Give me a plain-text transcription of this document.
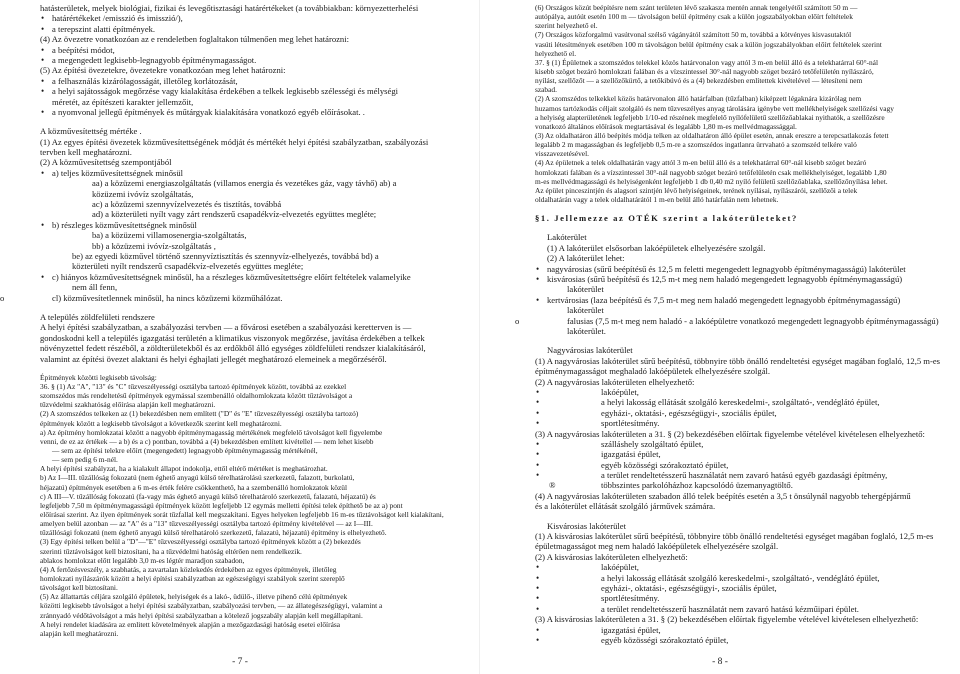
hatásterületek, melyek biológiai, fizikai és levegőtisztasági határértékeket (a továbbiakban: környezetterhelési
• határértékeket /emisszió és imisszió/),
• a terepszint alatti építmények.
(4) Az övezetre vonatkozóan az e rendeletben foglaltakon túlmenően meg lehet határozni:
• a beépítési módot,
• a megengedett legkisebb-legnagyobb építménymagasságot.
(5) Az építési övezetekre, övezetekre vonatkozóan meg lehet határozni:
• a felhasználás kizárólagosságát, illetőleg korlátozását,
• a helyi sajátosságok megőrzése vagy kialakítása érdekében a telkek legkisebb szélességi és mélységi
méretét, az építészeti karakter jellemzőit,
• a nyomvonal jellegű építmények és műtárgyak kialakítására vonatkozó egyéb előírásokat. .
A közművesítettség mértéke .
(1) Az egyes építési övezetek közművesítettségének módját és mértékét helyi építési szabályzatban, szabályozási
tervben kell meghatározni.
(2) A közművesítettség szempontjából
• a) teljes közművesítettségnek minősül
aa) a közüzemi energiaszolgáltatás (villamos energia és vezetékes gáz, vagy távhő) ab) a
közüzemi ivóvíz szolgáltatás,
ac) a közüzemi szennyvízelvezetés és tisztítás, továbbá
ad) a közterületi nyílt vagy zárt rendszerű csapadékvíz-elvezetés együttes megléte;
• b) részleges közművesítettségnek minősül
ba) a közüzemi villamosenergia-szolgáltatás,
bb) a közüzemi ivóvíz-szolgáltatás ,
be) az egyedi közművel történő szennyvíztisztítás és szennyvíz-elhelyezés, továbbá bd) a
közterületi nyílt rendszerű csapadékvíz-elvezetés együttes megléte;
• c) hiányos közművesítettségnek minősül, ha a részleges közművesítettségre előírt feltételek valamelyike
nem áll fenn,
o	cl) közművesítetlennek minősül, ha nincs közüzemi közműhálózat.
A település zöldfelületi rendszere
A helyi építési szabályzatban, a szabályozási tervben — a fővárosi esetében a szabályozási keretterven is —
gondoskodni kell a település igazgatási területén a klimatikus viszonyok megőrzése, javítása érdekében a telkek
növényzettel fedett részéből, a zöldterületekből és az erdőkből álló egységes zöldfelületi rendszer kialakításáról,
valamint az építési övezet alaktani és helyi éghajlati jellegét meghatározó elemeinek a megőrzéséről.
Épitmények közötti legkisebb távolság:
36. § (1) Az "A", "13" és "C" tűzveszélyességi osztályba tartozó építmények között, továbbá az ezekkel
szomszédos más rendeltetésű építmények egymással szembenálló oldalhomlokzata között tűztávolságot a
tűzvédelmi szakhatóság előírása alapján kell meghatározni.
(2) A szomszédos telkeken az (1) bekezdésben nem említett ("D" és "E" tűzveszélyességi osztályba tartozó)
építmények között a legkisebb távolságot a következők szerint kell meghatározni.
a) Az építmény homlokzatai között a nagyobb építménymagasság mértékének megfelelő távolságot kell figyelembe
venni, de ez az értékek — a b) és a c) pontban, továbbá a (4) bekezdésben említett kivétellel — nem lehet kisebb
— sem az építési telekre előírt (megengedett) legnagyobb építménymagasság mértékénél,
— sem pedig 6 m-nél.
A helyi építési szabályzat, ha a kialakult állapot indokolja, ettől eltérő mértéket is meghatározhat.
b) Az I—III. tűzállóság fokozatú (nem éghető anyagú külső térelhatárolású szerkezetű, falazott, burkolatú,
héjazatú) építmények esetében a 6 m-es érték felére csökkenthető, ha a szembenálló homlokzatok közül
c) A III—V. tűzállóság fokozatú (fa-vagy más éghető anyagú külső térelhatároló szerkezetű, falazatú, héjazatú) és
legfeljebb 7,50 m építménymagasságú építmények között legfeljebb 12 egymás melletti építési telek építhető be az a) pont
előírásai szerint. Az ilyen építmények sorát tűzfallal kell megszakítani. Egyes helyeken legfeljebb 16 m-es tűztávolságot kell kialakítani,
amelyen belül azonban — az "A" és a "13" tűzveszélyességi osztályba tartozó építmény kivételével — az I—III.
tűzállósági fokozatú (nem éghető anyagú külső térelhatároló szerkezetű, falazatú, héjazatú) építmény is elhelyezhető.
(3) Egy építési telken belül a "D"—"E" tűzveszélyességi osztályba tartozó építmények között a (2) bekezdés
szerinti tűztávolságot kell biztosítani, ha a tűzvédelmi hatóság eltérően nem rendelkezik.
ablakos homlokzat előtt legalább 3,0 m-es légtér maradjon szabadon,
(4) A fertőzésveszély, a szabhatás, a zavartalan közlekedés érdekében az egyes építmények, illetőleg
homlokzati nyílászárók között a helyi építési szabályzatban az egészségügyi szabályok szerint szereplő
távolságot kell biztosítani.
(5) Az állattartás céljára szolgáló épületek, helyiségek és a lakó-, üdülő-, illetve pihenő célú építmények
közötti legkisebb távolságot a helyi építési szabályzatban, szabályozási tervben, — az állategészségügyi, valamint a
zránnyadó védőtávolságot a más helyi építési szabályzatban a kötelező jogszabály alapján kell megállapítani.
A helyi rendelet kiadására az emlitett követelmények alapján a mezőgazdasági hatóság esetei előírása
alapján kell meghatározni.
- 7 -
(6) Országos közút beépítésre nem szánt területen lévő szakasza mentén annak tengelyétől számított 50 m —
autópálya, autóút esetén 100 m — távolságon belül építmény csak a külön jogszabályokban előírt feltételek
szerint helyezhető el.
(7) Országos közforgalmú vasútvonal szélső vágányától számított 50 m, továbbá a kötvényes kisvasutaktól
vasúti létesítmények esetében 100 m távolságon belül építmény csak a külön jogszabályokban előírt feltételek szerint
helyezhető el.
37. § (1) Épületnek a szomszédos telekkel közös határvonalon vagy attól 3 m-en belül álló és a telekhatárral 60°-nál
kisebb szöget bezáró homlokzati falában és a vízszintessel 30°-nál nagyobb szöget bezáró tetőfelületén nyílászáró,
nyílást, szellőzőt — a szellőzőkürtő, a tetőkibúvó és a (4) bekezdésben említettek kivételével — létesíteni nem
szabad.
(2) A szomszédos telkekkel közös határvonalon álló határfalban (tűzfalban) kiképzett légaknára kizárólag nem
huzamos tartózkodás céljait szolgáló és nem tűzveszélyes anyag tárolására igénybe vett mellékhelyiségek szellőzési vagy
a helyiség alapterületének legfeljebb 1/10-ed részének megfelelő nyílófelületű szellőzőablakai nyithatók, a szellőzésre
vonatkozó általános előírások megtartásával és legalább 1,80 m-es mellvédmagassággal.
(3) Az oldalhatáron álló beépítés módja telken az oldalhatáron álló épület esetén, annak ereszre a terepcsatlakozás fetett
legalább 2 m magasságban és legfeljebb 0,5 m-re a szomszédos ingatlanra ürrvaható a szomszéd telkére való
visszavezetésével.
(4) Az épületnek a telek oldalhatárán vagy attól 3 m-en belül álló és a telekhatárral 60°-nál kisebb szöget bezáró
homlokzati falában és a vízszintessel 30°-nál nagyobb szöget bezáró tetőfelületén csak mellékhelyiséget, legalább 1,80
m-es mellvédmagasságú és helyiségenként legfeljebb 1 db 0,40 m2 nyíló felületű szellőzőablaka, szellőzőnyílása lehet.
Az épület pinceszintjén és alagsori szintjén lévő helyiségeinek, terének nyílásai, nyílászárói, szellőzői a telek
oldalhatárán vagy a telek oldalhatárától 1 m-en belül álló határfalán nem lehetnek.
§1. Jellemezze az OTÉK szerint a lakóterületeket?
Lakóterület
(1) A lakóterület elsősorban lakóépületek elhelyezésére szolgál.
(2) A lakóterület lehet:
• nagyvárosias (sűrű beépítésű és 12,5 m feletti megengedett legnagyobb építménymagasságú) lakóterület
• kisvárosias (sűrű beépítésű és 12,5 m-t meg nem haladó megengedett legnagyobb építménymagasságú)
lakóterület
• kertvárosias (laza beépítésű és 7,5 m-t meg nem haladó megengedett legnagyobb építménymagasságú)
lakóterület
o	falusias (7,5 m-t meg nem haladó - a lakóépületre vonatkozó megengedett legnagyobb építménymagasságú)
lakóterület.
Nagyvárosias lakóterület
(1) A nagyvárosias lakóterület sűrű beépítésű, többnyire több önálló rendeltetési egységet magában foglaló, 12,5 m-es
építménymagasságot meghaladó lakóépületek elhelyezésére szolgál.
(2) A nagyvárosias lakóterületen elhelyezhető:
• lakóépület,
• a helyi lakosság ellátását szolgáló kereskedelmi-, szolgáltató-, vendéglátó épület,
• egyházi-, oktatási-, egészségügyi-, szociális épület,
• sportlétesítmény.
(3) A nagyvárosias lakóterületen a 31. § (2) bekezdésében előírtak figyelembe vételével kivételesen elhelyezhető:
• szálláshely szolgáltató épület,
• igazgatási épület,
• egyéb közösségi szórakoztató épület,
• a terület rendeltetésszerű használatát nem zavaró hatású egyéb gazdasági építmény,
®	többszintes parkolóházhoz kapcsolódó üzemanyagtöltő.
(4) A nagyvárosias lakóterületen szabadon álló telek beépítés esetén a 3,5 t önsúlynál nagyobb tehergépjármű
és a lakóterület ellátását szolgáló járművek számára.
Kisvárosias lakóterület
(1) A kisvárosias lakóterület sűrű beépítésű, többnyire több önálló rendeltetési egységet magában foglaló, 12,5 m-es
épületmagasságot meg nem haladó lakóépületek elhelyezésére szolgál.
(2) A kisvárosias lakóterületen elhelyezhető:
• lakóépület,
• a helyi lakosság ellátását szolgáló kereskedelmi-, szolgáltató-, vendéglátó épület,
• egyházi-, oktatási-, egészségügyi-, szociális épület,
• sportlétesítmény.
• a terület rendeltetésszerű használatát nem zavaró hatású kézműipari épület.
(3) A kisvárosias lakóterületen a 31. § (2) bekezdésében előírtak figyelembe vételével kivételesen elhelyezhető:
• igazgatási épület,
• egyéb közösségi szórakoztató épület,
- 8 -
